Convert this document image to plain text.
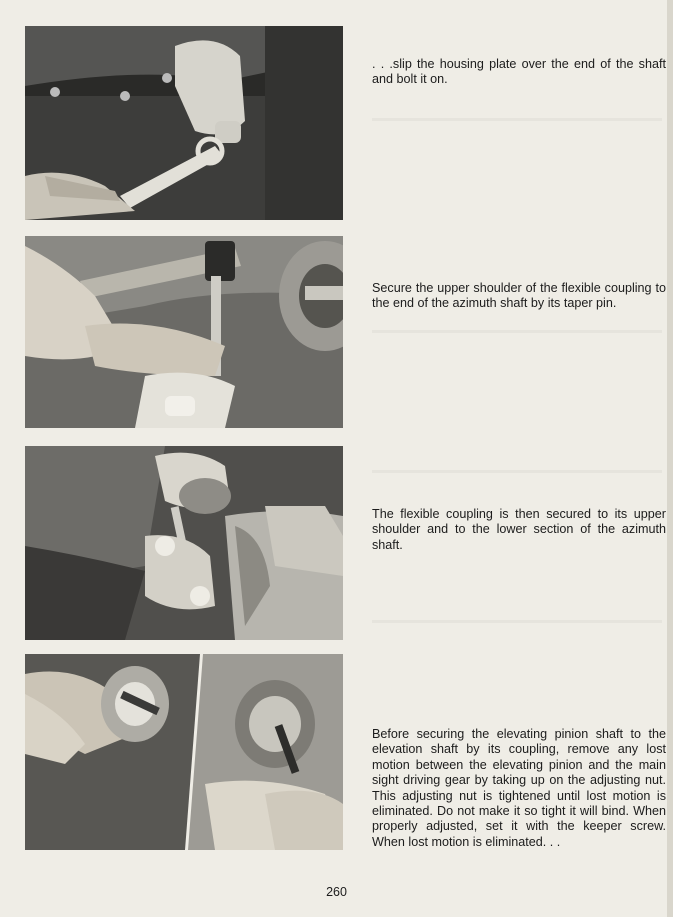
. . .slip the housing plate over the end of the shaft and bolt it on.
Secure the upper shoulder of the flexible coupling to the end of the azimuth shaft by its taper pin.
The flexible coupling is then secured to its upper shoulder and to the lower section of the azimuth shaft.
Before securing the elevating pinion shaft to the elevation shaft by its coupling, remove any lost motion between the elevating pinion and the main sight driving gear by taking up on the adjusting nut. This adjusting nut is tightened until lost motion is eliminated. Do not make it so tight it will bind. When properly adjusted, set it with the keeper screw. When lost motion is eliminated. . .
260
